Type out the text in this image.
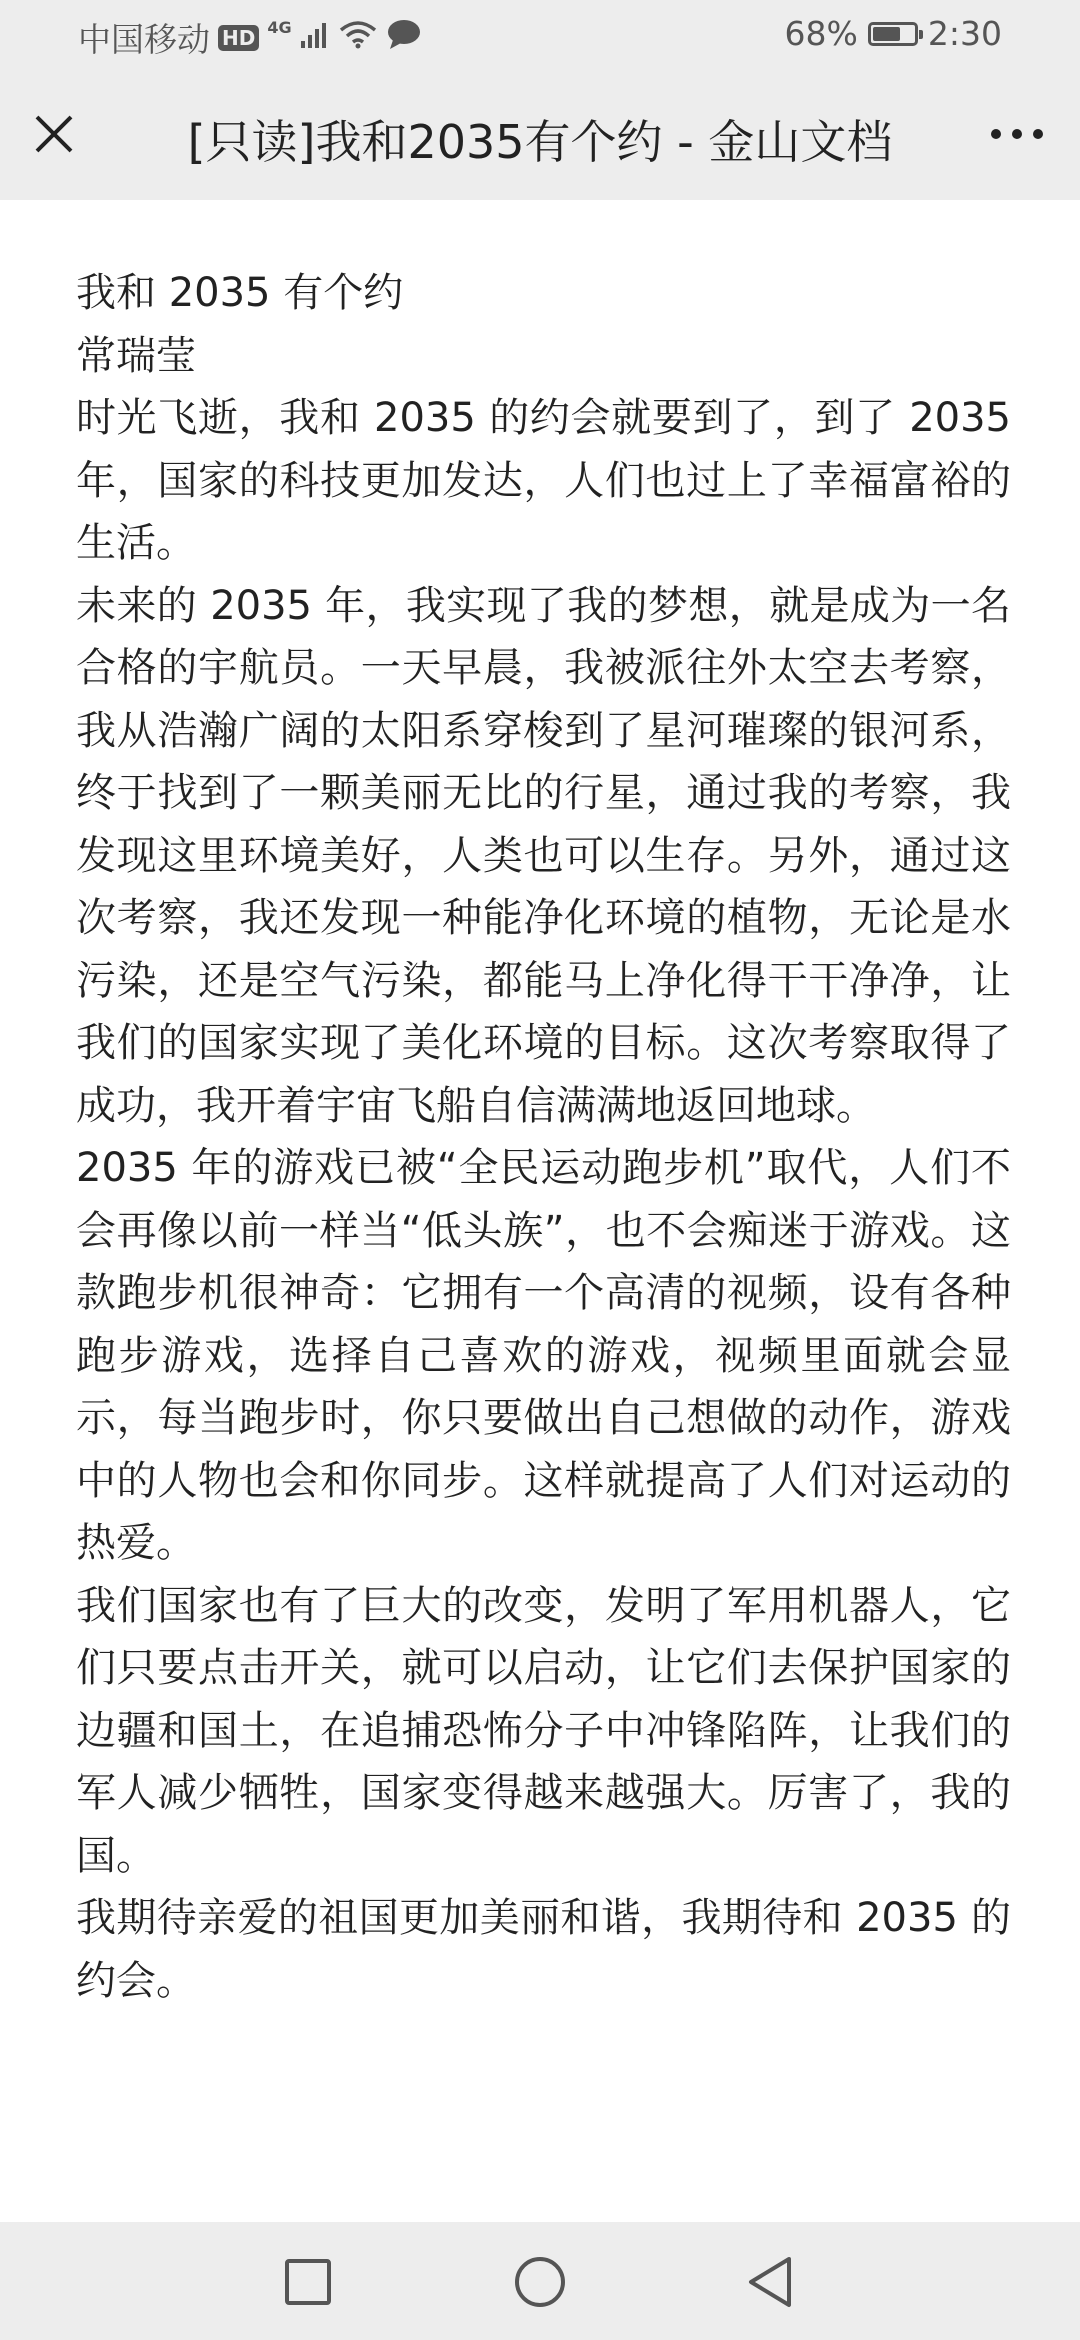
中国移动 HD 4G	68% 2:30
[只读]我和2035有个约 - 金山文档

我和 2035 有个约

常瑞莹

时光飞逝，我和 2035 的约会就要到了，到了 2035 年，国家的科技更加发达，人们也过上了幸福富裕的生活。

未来的 2035 年，我实现了我的梦想，就是成为一名合格的宇航员。一天早晨，我被派往外太空去考察，我从浩瀚广阔的太阳系穿梭到了星河璀璨的银河系，终于找到了一颗美丽无比的行星，通过我的考察，我发现这里环境美好，人类也可以生存。另外，通过这次考察，我还发现一种能净化环境的植物，无论是水污染，还是空气污染，都能马上净化得干干净净，让我们的国家实现了美化环境的目标。这次考察取得了成功，我开着宇宙飞船自信满满地返回地球。

2035 年的游戏已被“全民运动跑步机”取代，人们不会再像以前一样当“低头族”，也不会痴迷于游戏。这款跑步机很神奇：它拥有一个高清的视频，设有各种跑步游戏，选择自己喜欢的游戏，视频里面就会显示，每当跑步时，你只要做出自己想做的动作，游戏中的人物也会和你同步。这样就提高了人们对运动的热爱。

我们国家也有了巨大的改变，发明了军用机器人，它们只要点击开关，就可以启动，让它们去保护国家的边疆和国土，在追捕恐怖分子中冲锋陷阵，让我们的军人减少牺牲，国家变得越来越强大。厉害了，我的国。

我期待亲爱的祖国更加美丽和谐，我期待和 2035 的约会。
